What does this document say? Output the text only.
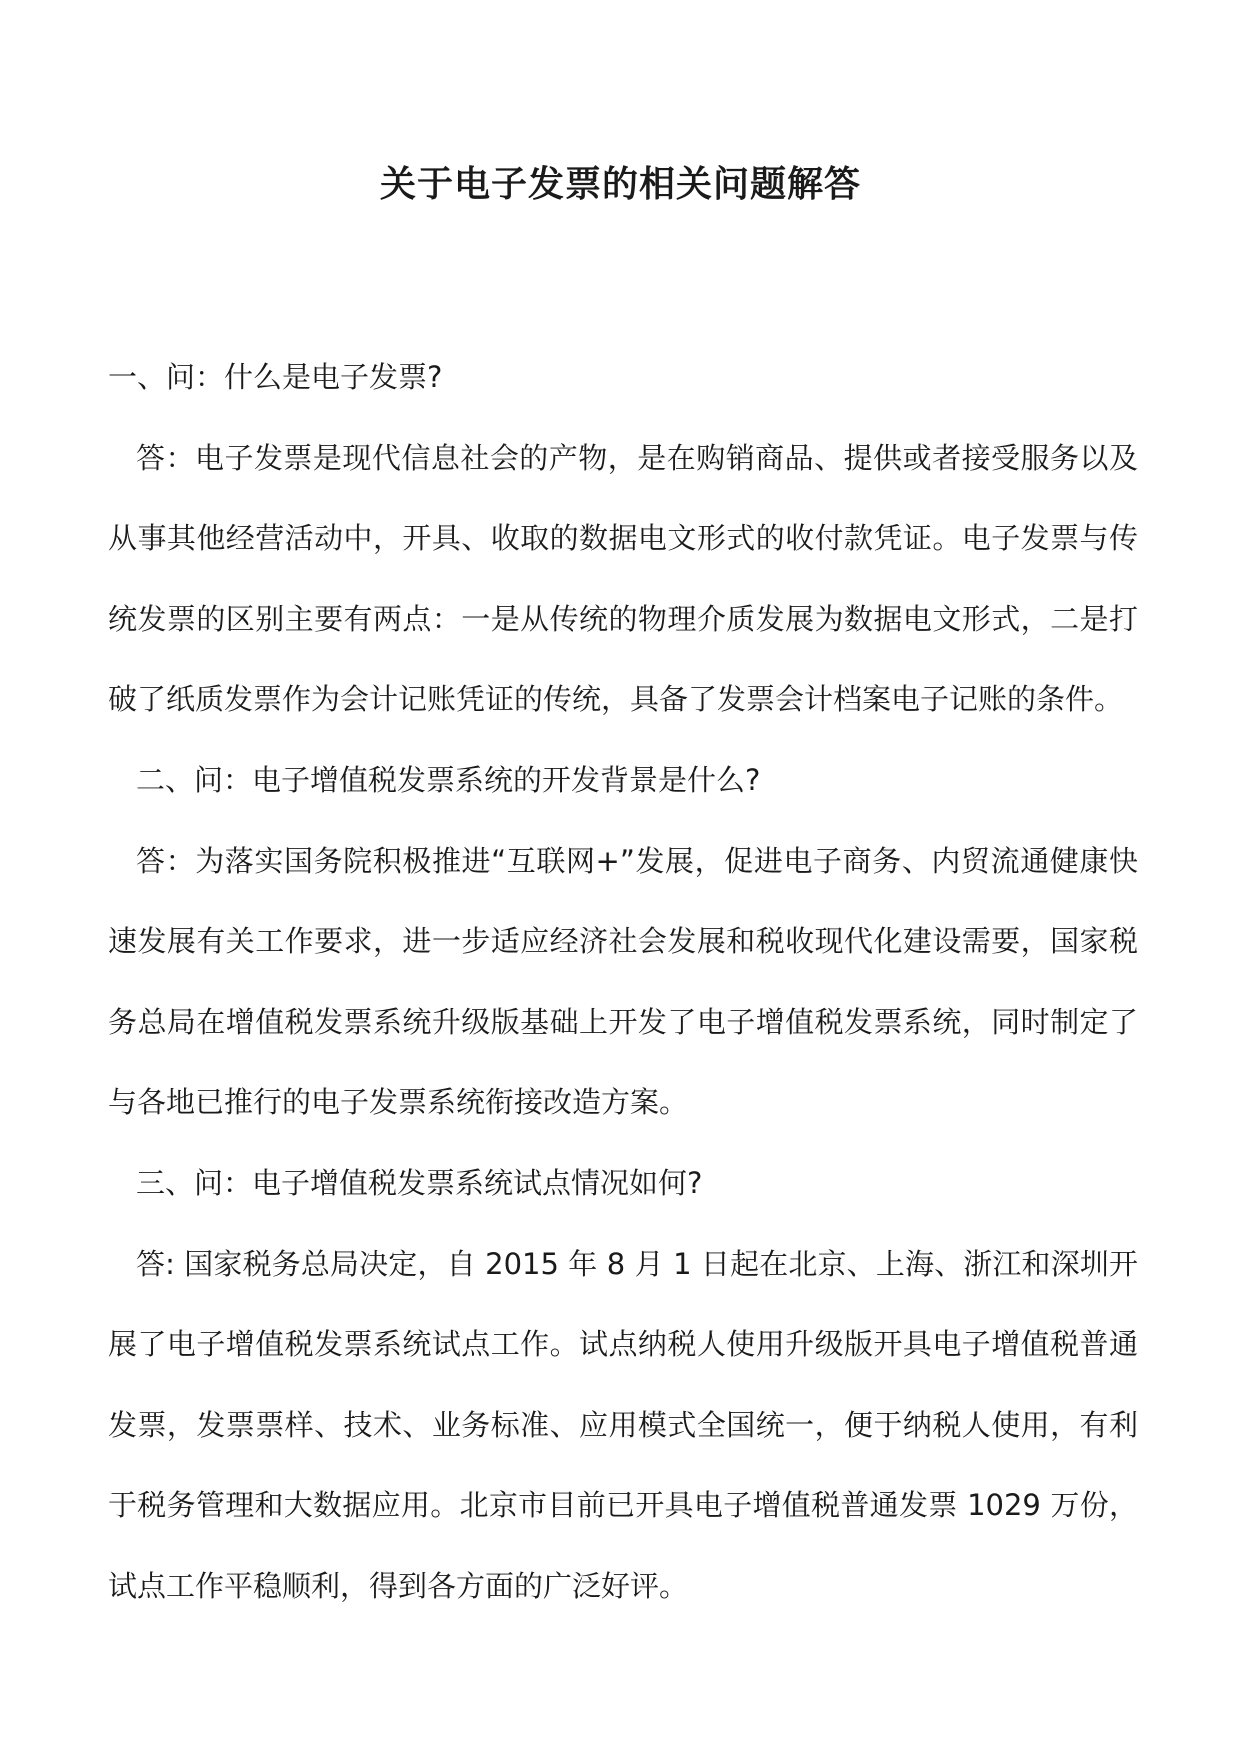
关于电子发票的相关问题解答

一、问：什么是电子发票?

答：电子发票是现代信息社会的产物，是在购销商品、提供或者接受服务以及从事其他经营活动中，开具、收取的数据电文形式的收付款凭证。电子发票与传统发票的区别主要有两点：一是从传统的物理介质发展为数据电文形式，二是打破了纸质发票作为会计记账凭证的传统，具备了发票会计档案电子记账的条件。

二、问：电子增值税发票系统的开发背景是什么?

答：为落实国务院积极推进“互联网+”发展，促进电子商务、内贸流通健康快速发展有关工作要求，进一步适应经济社会发展和税收现代化建设需要，国家税务总局在增值税发票系统升级版基础上开发了电子增值税发票系统，同时制定了与各地已推行的电子发票系统衔接改造方案。

三、问：电子增值税发票系统试点情况如何?

答: 国家税务总局决定，自 2015 年 8 月 1 日起在北京、上海、浙江和深圳开展了电子增值税发票系统试点工作。试点纳税人使用升级版开具电子增值税普通发票，发票票样、技术、业务标准、应用模式全国统一，便于纳税人使用，有利于税务管理和大数据应用。北京市目前已开具电子增值税普通发票 1029 万份，试点工作平稳顺利，得到各方面的广泛好评。
